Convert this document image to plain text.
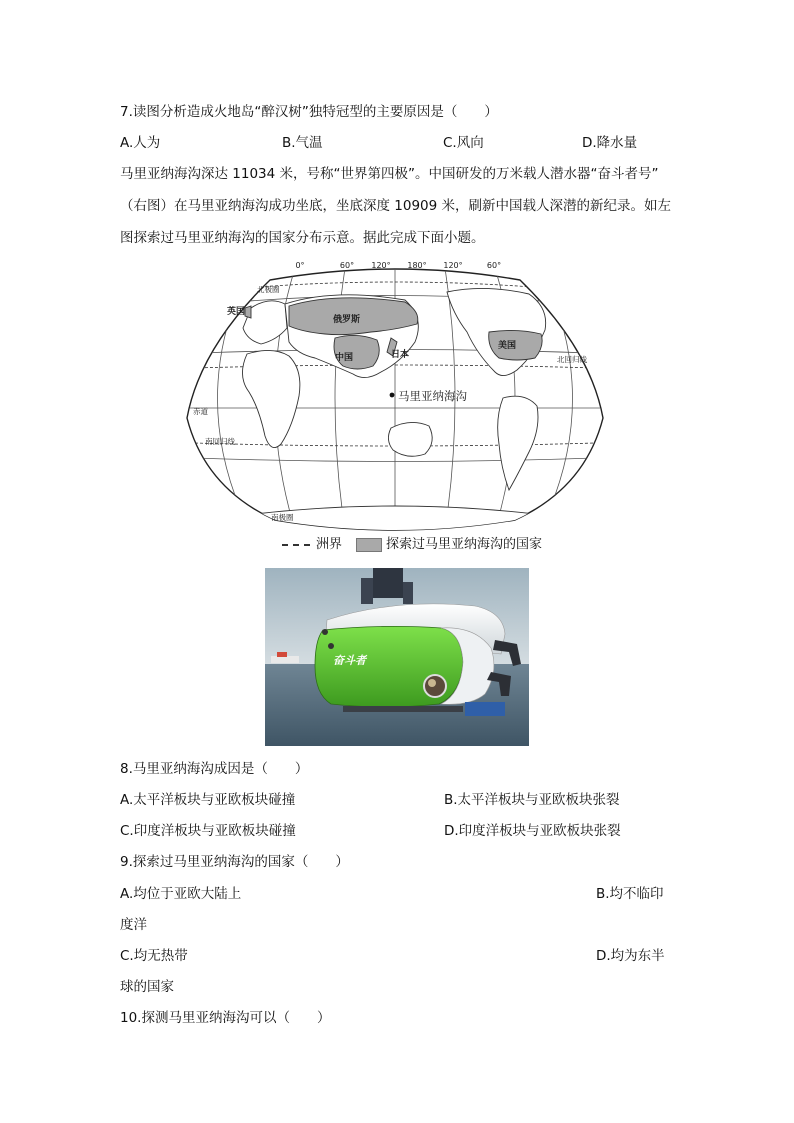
7.读图分析造成火地岛“醉汉树”独特冠型的主要原因是（　　）
A.人为	B.气温	C.风向	D.降水量
马里亚纳海沟深达 11034 米，号称“世界第四极”。中国研发的万米载人潜水器“奋斗者号”
（右图）在马里亚纳海沟成功坐底，坐底深度 10909 米，刷新中国载人深潜的新纪录。如左
图探索过马里亚纳海沟的国家分布示意。据此完成下面小题。
0°	60° 120° 180° 120°	60°
北极圈
北回归线
赤道
南回归线
南极圈
英国
俄罗斯
中国	日本
美国
马里亚纳海沟
洲界	探索过马里亚纳海沟的国家
奋斗者
8.马里亚纳海沟成因是（　　）
A.太平洋板块与亚欧板块碰撞	B.太平洋板块与亚欧板块张裂
C.印度洋板块与亚欧板块碰撞	D.印度洋板块与亚欧板块张裂
9.探索过马里亚纳海沟的国家（　　）
A.均位于亚欧大陆上	B.均不临印
度洋
C.均无热带	D.均为东半
球的国家
10.探测马里亚纳海沟可以（　　）
